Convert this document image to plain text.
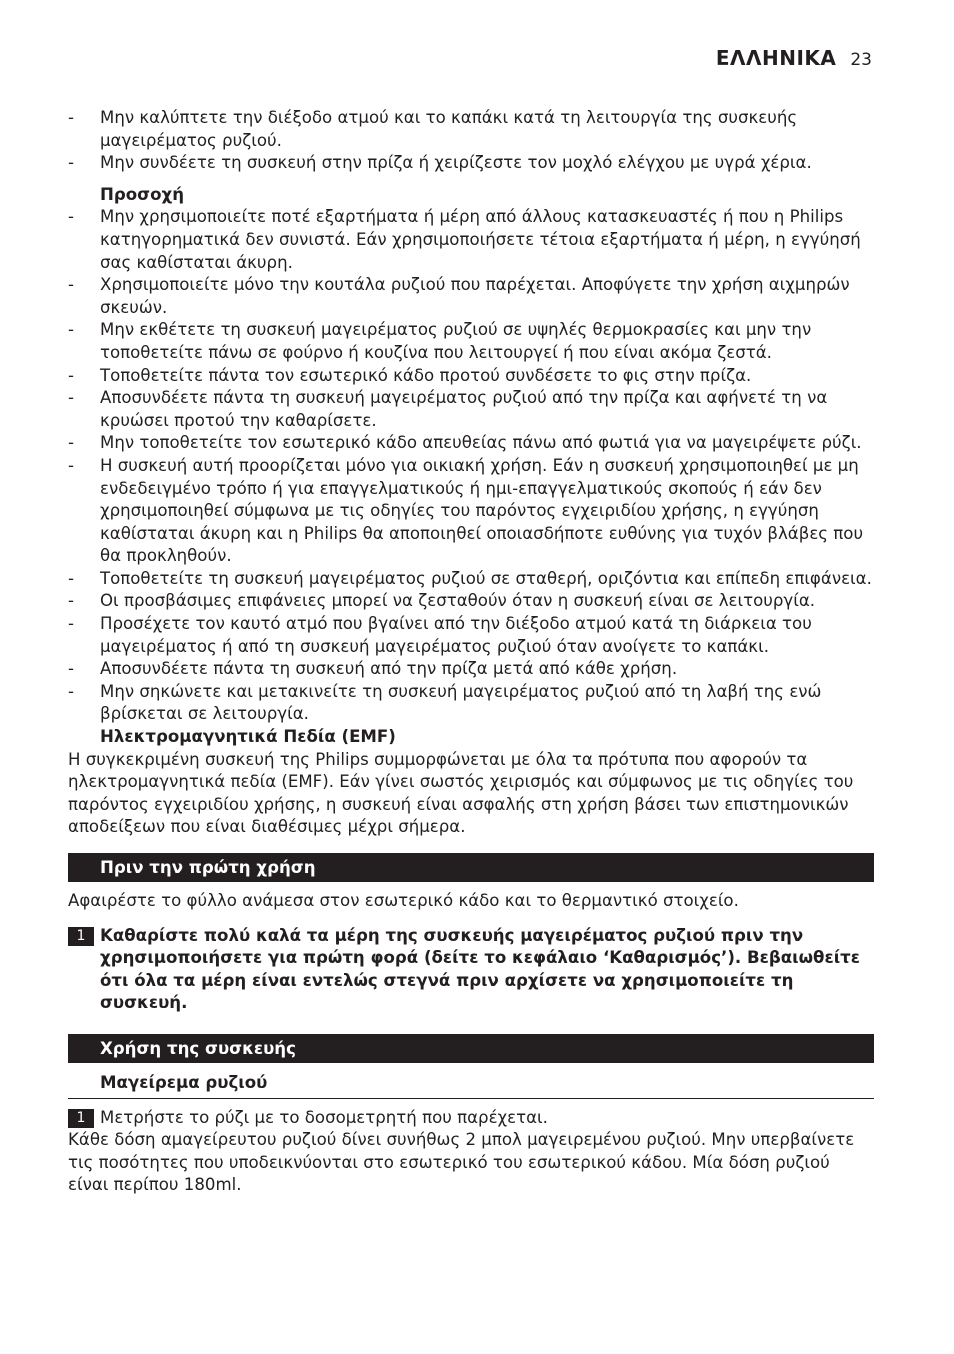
ΕΛΛΗΝΙΚΑ 23
- Μην καλύπτετε την διέξοδο ατμού και το καπάκι κατά τη λειτουργία της συσκευής μαγειρέματος ρυζιού.
- Μην συνδέετε τη συσκευή στην πρίζα ή χειρίζεστε τον μοχλό ελέγχου με υγρά χέρια.
Προσοχή
- Μην χρησιμοποιείτε ποτέ εξαρτήματα ή μέρη από άλλους κατασκευαστές ή που η Philips κατηγορηματικά δεν συνιστά. Εάν χρησιμοποιήσετε τέτοια εξαρτήματα ή μέρη, η εγγύησή σας καθίσταται άκυρη.
- Χρησιμοποιείτε μόνο την κουτάλα ρυζιού που παρέχεται. Αποφύγετε την χρήση αιχμηρών σκευών.
- Μην εκθέτετε τη συσκευή μαγειρέματος ρυζιού σε υψηλές θερμοκρασίες και μην την τοποθετείτε πάνω σε φούρνο ή κουζίνα που λειτουργεί ή που είναι ακόμα ζεστά.
- Τοποθετείτε πάντα τον εσωτερικό κάδο προτού συνδέσετε το φις στην πρίζα.
- Αποσυνδέετε πάντα τη συσκευή μαγειρέματος ρυζιού από την πρίζα και αφήνετέ τη να κρυώσει προτού την καθαρίσετε.
- Μην τοποθετείτε τον εσωτερικό κάδο απευθείας πάνω από φωτιά για να μαγειρέψετε ρύζι.
- Η συσκευή αυτή προορίζεται μόνο για οικιακή χρήση. Εάν η συσκευή χρησιμοποιηθεί με μη ενδεδειγμένο τρόπο ή για επαγγελματικούς ή ημι-επαγγελματικούς σκοπούς ή εάν δεν χρησιμοποιηθεί σύμφωνα με τις οδηγίες του παρόντος εγχειριδίου χρήσης, η εγγύηση καθίσταται άκυρη και η Philips θα αποποιηθεί οποιασδήποτε ευθύνης για τυχόν βλάβες που θα προκληθούν.
- Τοποθετείτε τη συσκευή μαγειρέματος ρυζιού σε σταθερή, οριζόντια και επίπεδη επιφάνεια.
- Οι προσβάσιμες επιφάνειες μπορεί να ζεσταθούν όταν η συσκευή είναι σε λειτουργία.
- Προσέχετε τον καυτό ατμό που βγαίνει από την διέξοδο ατμού κατά τη διάρκεια του μαγειρέματος ή από τη συσκευή μαγειρέματος ρυζιού όταν ανοίγετε το καπάκι.
- Αποσυνδέετε πάντα τη συσκευή από την πρίζα μετά από κάθε χρήση.
- Μην σηκώνετε και μετακινείτε τη συσκευή μαγειρέματος ρυζιού από τη λαβή της ενώ βρίσκεται σε λειτουργία.
Ηλεκτρομαγνητικά Πεδία (EMF)
Η συγκεκριμένη συσκευή της Philips συμμορφώνεται με όλα τα πρότυπα που αφορούν τα ηλεκτρομαγνητικά πεδία (EMF). Εάν γίνει σωστός χειρισμός και σύμφωνος με τις οδηγίες του παρόντος εγχειριδίου χρήσης, η συσκευή είναι ασφαλής στη χρήση βάσει των επιστημονικών αποδείξεων που είναι διαθέσιμες μέχρι σήμερα.
Πριν την πρώτη χρήση
Αφαιρέστε το φύλλο ανάμεσα στον εσωτερικό κάδο και το θερμαντικό στοιχείο.
1 Καθαρίστε πολύ καλά τα μέρη της συσκευής μαγειρέματος ρυζιού πριν την χρησιμοποιήσετε για πρώτη φορά (δείτε το κεφάλαιο ‘Καθαρισμός’). Βεβαιωθείτε ότι όλα τα μέρη είναι εντελώς στεγνά πριν αρχίσετε να χρησιμοποιείτε τη συσκευή.
Χρήση της συσκευής
Μαγείρεμα ρυζιού
1 Μετρήστε το ρύζι με το δοσομετρητή που παρέχεται.
Κάθε δόση αμαγείρευτου ρυζιού δίνει συνήθως 2 μπολ μαγειρεμένου ρυζιού. Μην υπερβαίνετε τις ποσότητες που υποδεικνύονται στο εσωτερικό του εσωτερικού κάδου. Μία δόση ρυζιού είναι περίπου 180ml.
